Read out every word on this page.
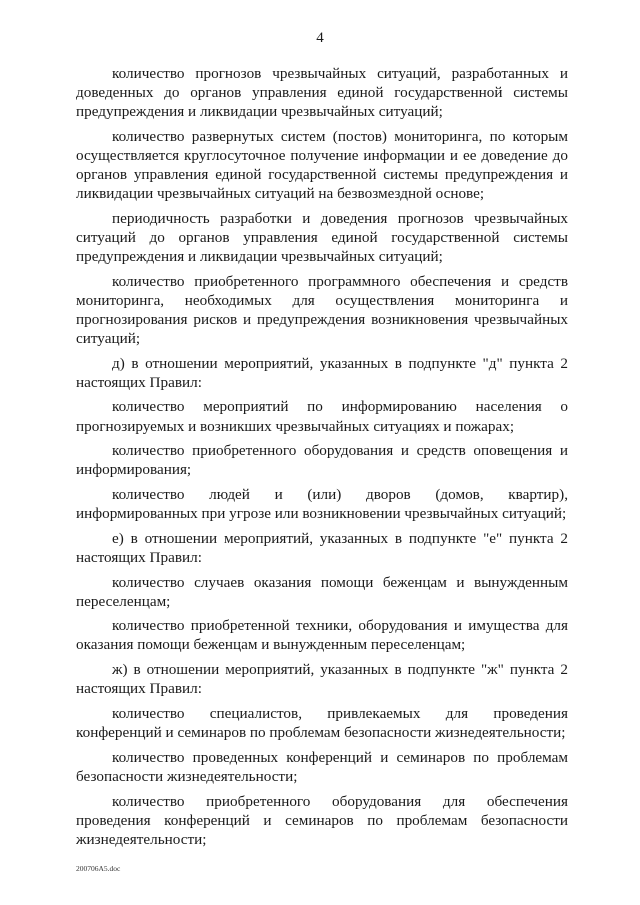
4

количество прогнозов чрезвычайных ситуаций, разработанных и доведенных до органов управления единой государственной системы предупреждения и ликвидации чрезвычайных ситуаций;

количество развернутых систем (постов) мониторинга, по которым осуществляется круглосуточное получение информации и ее доведение до органов управления единой государственной системы предупреждения и ликвидации чрезвычайных ситуаций на безвозмездной основе;

периодичность разработки и доведения прогнозов чрезвычайных ситуаций до органов управления единой государственной системы предупреждения и ликвидации чрезвычайных ситуаций;

количество приобретенного программного обеспечения и средств мониторинга, необходимых для осуществления мониторинга и прогнозирования рисков и предупреждения возникновения чрезвычайных ситуаций;

д) в отношении мероприятий, указанных в подпункте "д" пункта 2 настоящих Правил:

количество мероприятий по информированию населения о прогнозируемых и возникших чрезвычайных ситуациях и пожарах;

количество приобретенного оборудования и средств оповещения и информирования;

количество людей и (или) дворов (домов, квартир), информированных при угрозе или возникновении чрезвычайных ситуаций;

е) в отношении мероприятий, указанных в подпункте "е" пункта 2 настоящих Правил:

количество случаев оказания помощи беженцам и вынужденным переселенцам;

количество приобретенной техники, оборудования и имущества для оказания помощи беженцам и вынужденным переселенцам;

ж) в отношении мероприятий, указанных в подпункте "ж" пункта 2 настоящих Правил:

количество специалистов, привлекаемых для проведения конференций и семинаров по проблемам безопасности жизнедеятельности;

количество проведенных конференций и семинаров по проблемам безопасности жизнедеятельности;

количество приобретенного оборудования для обеспечения проведения конференций и семинаров по проблемам безопасности жизнедеятельности;

200706A5.doc
